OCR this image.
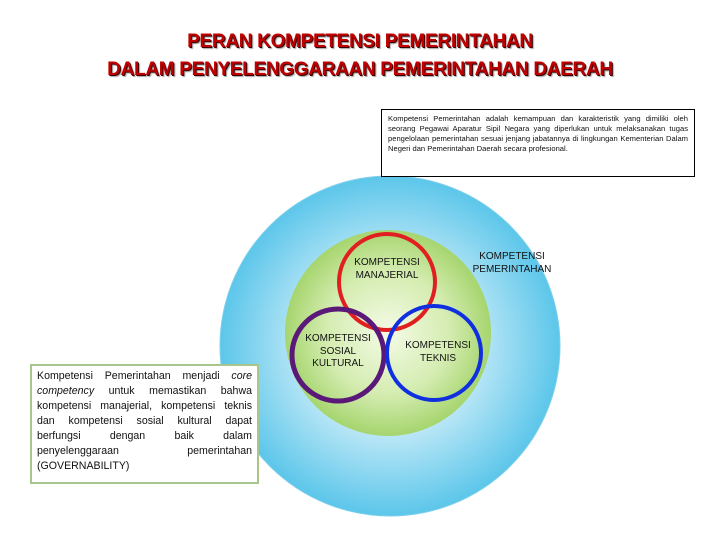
PERAN KOMPETENSI PEMERINTAHAN
DALAM PENYELENGGARAAN PEMERINTAHAN DAERAH
Kompetensi Pemerintahan adalah kemampuan dan karakteristik yang dimiliki oleh seorang Pegawai Aparatur Sipil Negara yang diperlukan untuk melaksanakan tugas pengelolaan pemerintahan sesuai jenjang jabatannya di lingkungan Kementerian Dalam Negeri dan Pemerintahan Daerah secara profesional.
Kompetensi Pemerintahan menjadi core competency untuk memastikan bahwa kompetensi manajerial, kompetensi teknis dan kompetensi sosial kultural dapat berfungsi dengan baik dalam penyelenggaraan pemerintahan (GOVERNABILITY)
KOMPETENSI
PEMERINTAHAN
KOMPETENSI
MANAJERIAL
KOMPETENSI
SOSIAL
KULTURAL
KOMPETENSI
TEKNIS
